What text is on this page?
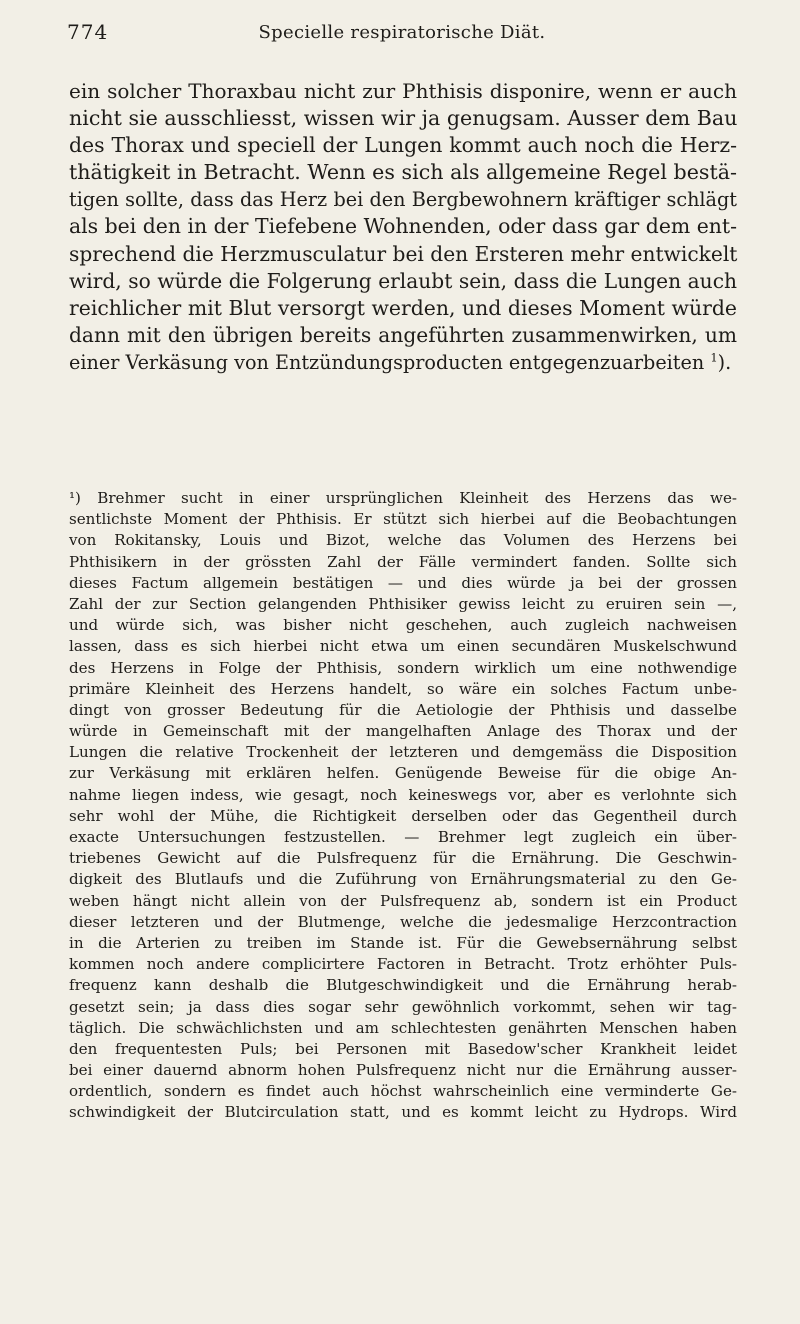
774	Specielle respiratorische Diät.
ein solcher Thoraxbau nicht zur Phthisis disponire, wenn er auch
nicht sie ausschliesst, wissen wir ja genugsam. Ausser dem Bau
des Thorax und speciell der Lungen kommt auch noch die Herz-
thätigkeit in Betracht. Wenn es sich als allgemeine Regel bestä-
tigen sollte, dass das Herz bei den Bergbewohnern kräftiger schlägt
als bei den in der Tiefebene Wohnenden, oder dass gar dem ent-
sprechend die Herzmusculatur bei den Ersteren mehr entwickelt
wird, so würde die Folgerung erlaubt sein, dass die Lungen auch
reichlicher mit Blut versorgt werden, und dieses Moment würde
dann mit den übrigen bereits angeführten zusammenwirken, um
einer Verkäsung von Entzündungsproducten entgegenzuarbeiten $^1$).
¹) Brehmer sucht in einer ursprünglichen Kleinheit des Herzens das we-
sentlichste Moment der Phthisis. Er stützt sich hierbei auf die Beobachtungen
von Rokitansky, Louis und Bizot, welche das Volumen des Herzens bei
Phthisikern in der grössten Zahl der Fälle vermindert fanden. Sollte sich
dieses Factum allgemein bestätigen — und dies würde ja bei der grossen
Zahl der zur Section gelangenden Phthisiker gewiss leicht zu eruiren sein —,
und würde sich, was bisher nicht geschehen, auch zugleich nachweisen
lassen, dass es sich hierbei nicht etwa um einen secundären Muskelschwund
des Herzens in Folge der Phthisis, sondern wirklich um eine nothwendige
primäre Kleinheit des Herzens handelt, so wäre ein solches Factum unbe-
dingt von grosser Bedeutung für die Aetiologie der Phthisis und dasselbe
würde in Gemeinschaft mit der mangelhaften Anlage des Thorax und der
Lungen die relative Trockenheit der letzteren und demgemäss die Disposition
zur Verkäsung mit erklären helfen. Genügende Beweise für die obige An-
nahme liegen indess, wie gesagt, noch keineswegs vor, aber es verlohnte sich
sehr wohl der Mühe, die Richtigkeit derselben oder das Gegentheil durch
exacte Untersuchungen festzustellen. — Brehmer legt zugleich ein über-
triebenes Gewicht auf die Pulsfrequenz für die Ernährung. Die Geschwin-
digkeit des Blutlaufs und die Zuführung von Ernährungsmaterial zu den Ge-
weben hängt nicht allein von der Pulsfrequenz ab, sondern ist ein Product
dieser letzteren und der Blutmenge, welche die jedesmalige Herzcontraction
in die Arterien zu treiben im Stande ist. Für die Gewebsernährung selbst
kommen noch andere complicirtere Factoren in Betracht. Trotz erhöhter Puls-
frequenz kann deshalb die Blutgeschwindigkeit und die Ernährung herab-
gesetzt sein; ja dass dies sogar sehr gewöhnlich vorkommt, sehen wir tag-
täglich. Die schwächlichsten und am schlechtesten genährten Menschen haben
den frequentesten Puls; bei Personen mit Basedow'scher Krankheit leidet
bei einer dauernd abnorm hohen Pulsfrequenz nicht nur die Ernährung ausser-
ordentlich, sondern es findet auch höchst wahrscheinlich eine verminderte Ge-
schwindigkeit der Blutcirculation statt, und es kommt leicht zu Hydrops. Wird
